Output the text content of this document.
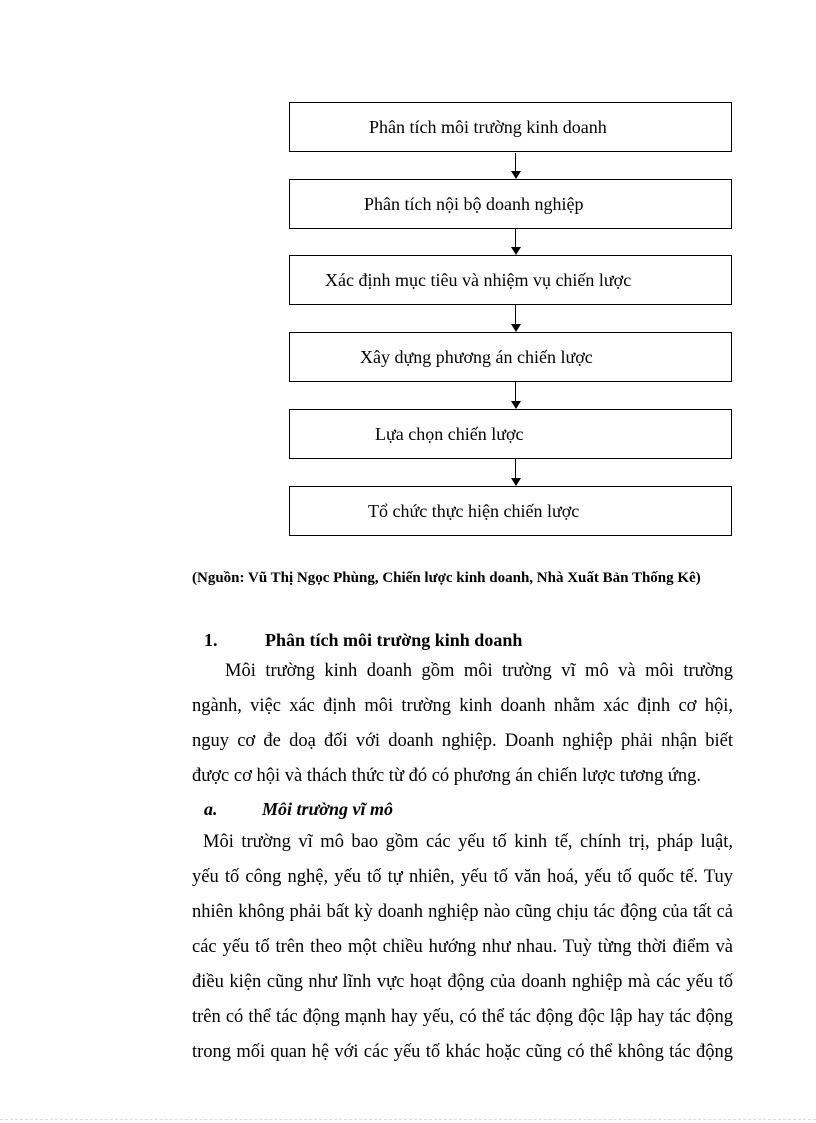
Phân tích môi trường kinh doanh
Phân tích nội bộ doanh nghiệp
Xác định mục tiêu và nhiệm vụ chiến lược
Xây dựng phương án chiến lược
Lựa chọn chiến lược
Tổ chức thực hiện chiến lược
(Nguồn: Vũ Thị Ngọc Phùng, Chiến lược kinh doanh, Nhà Xuất Bản Thống Kê)
1.	Phân tích môi trường kinh doanh
Môi trường kinh doanh gồm môi trường vĩ mô và môi trường
ngành, việc xác định môi trường kinh doanh nhằm xác định cơ hội,
nguy cơ đe doạ đối với doanh nghiệp. Doanh nghiệp phải nhận biết
được cơ hội và thách thức từ đó có phương án chiến lược tương ứng.
a. Môi trường vĩ mô
Môi trường vĩ mô bao gồm các yếu tố kinh tế, chính trị, pháp luật,
yếu tố công nghệ, yếu tố tự nhiên, yếu tố văn hoá, yếu tố quốc tế. Tuy
nhiên không phải bất kỳ doanh nghiệp nào cũng chịu tác động của tất cả
các yếu tố trên theo một chiều hướng như nhau. Tuỳ từng thời điểm và
điều kiện cũng như lĩnh vực hoạt động của doanh nghiệp mà các yếu tố
trên có thể tác động mạnh hay yếu, có thể tác động độc lập hay tác động
trong mối quan hệ với các yếu tố khác hoặc cũng có thể không tác động
